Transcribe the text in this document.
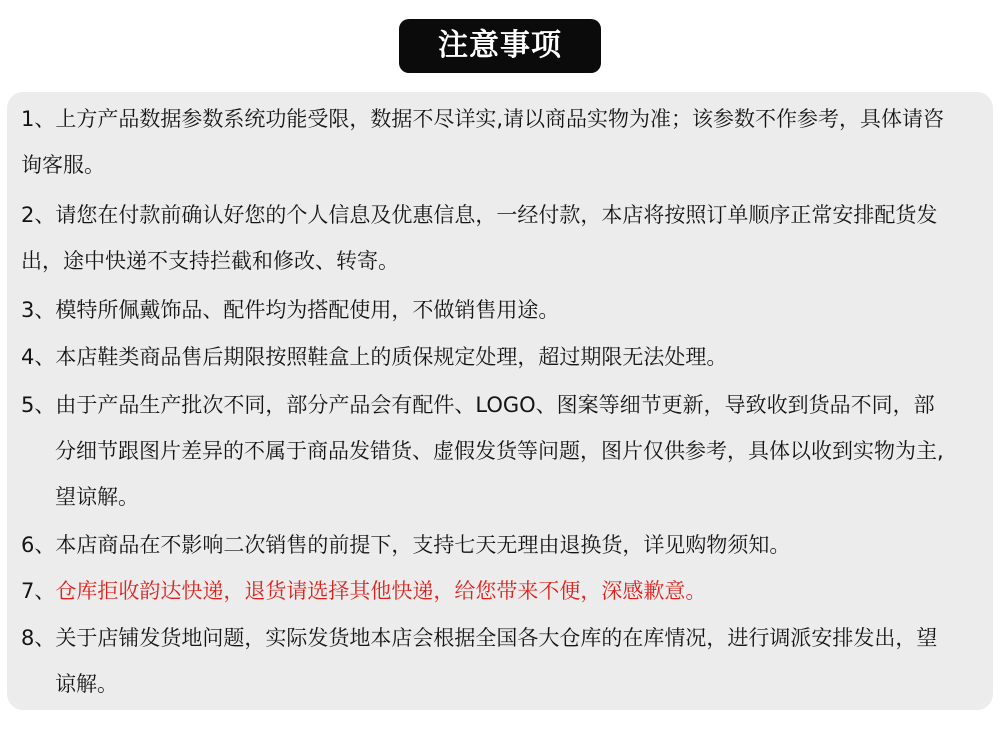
注意事项
1、上方产品数据参数系统功能受限，数据不尽详实,请以商品实物为准；该参数不作参考，具体请咨
询客服。
2、请您在付款前确认好您的个人信息及优惠信息，一经付款，本店将按照订单顺序正常安排配货发
出，途中快递不支持拦截和修改、转寄。
3、模特所佩戴饰品、配件均为搭配使用，不做销售用途。
4、本店鞋类商品售后期限按照鞋盒上的质保规定处理，超过期限无法处理。
5、由于产品生产批次不同，部分产品会有配件、LOGO、图案等细节更新，导致收到货品不同，部
分细节跟图片差异的不属于商品发错货、虚假发货等问题，图片仅供参考，具体以收到实物为主,
望谅解。
6、本店商品在不影响二次销售的前提下，支持七天无理由退换货，详见购物须知。
7、仓库拒收韵达快递，退货请选择其他快递，给您带来不便，深感歉意。
8、关于店铺发货地问题，实际发货地本店会根据全国各大仓库的在库情况，进行调派安排发出，望
谅解。
